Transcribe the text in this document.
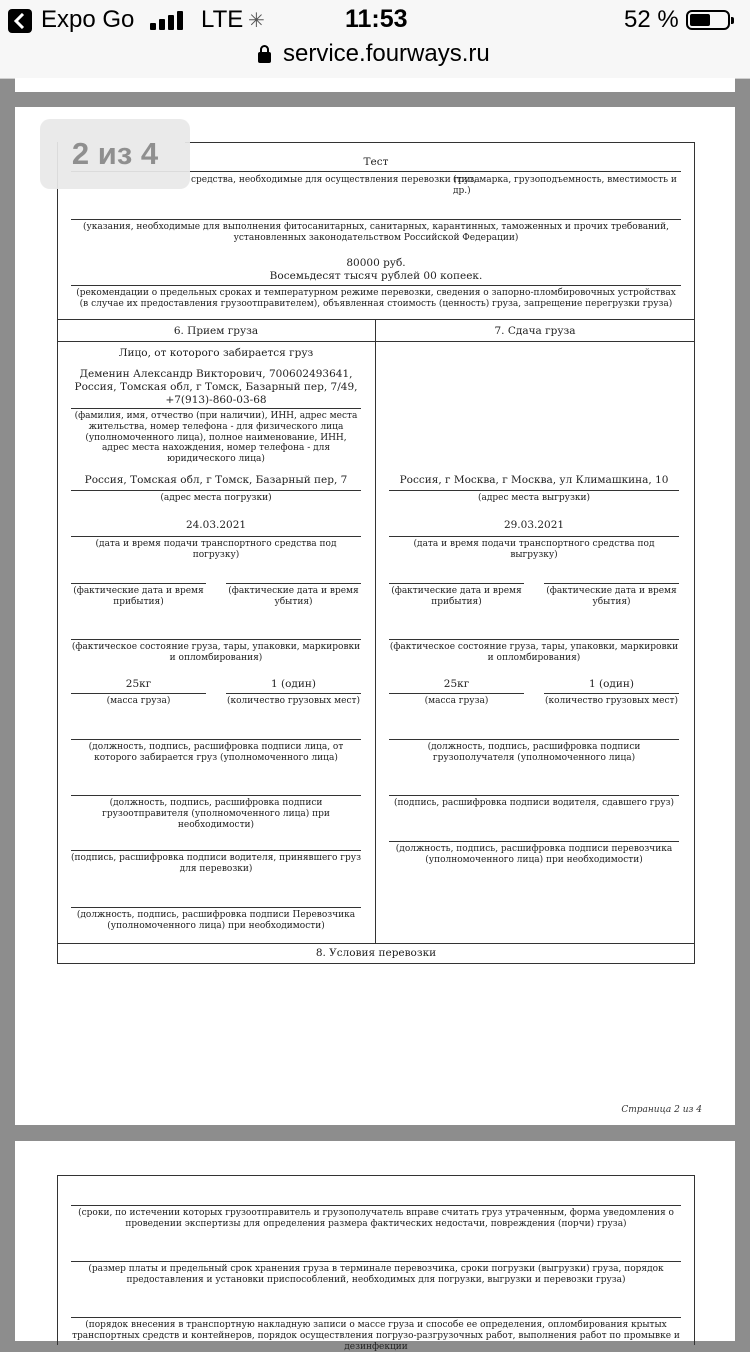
Expo Go	LTE ✳	11:53	52 %
service.fourways.ru
2 из 4	Тест
средства, необходимые для осуществления перевозки груза
(тип, марка, грузоподъемность, вместимость и др.)
(указания, необходимые для выполнения фитосанитарных, санитарных, карантинных, таможенных и прочих требований, установленных законодательством Российской Федерации)
80000 руб.
Восемьдесят тысяч рублей 00 копеек.
(рекомендации о предельных сроках и температурном режиме перевозки, сведения о запорно-пломбировочных устройствах (в случае их предоставления грузоотправителем), объявленная стоимость (ценность) груза, запрещение перегрузки груза)
6. Прием груза	7. Сдача груза
Лицо, от которого забирается груз
Деменин Александр Викторович, 700602493641,
Россия, Томская обл, г Томск, Базарный пер, 7/49,
+7(913)-860-03-68
(фамилия, имя, отчество (при наличии), ИНН, адрес места жительства, номер телефона - для физического лица (уполномоченного лица), полное наименование, ИНН, адрес места нахождения, номер телефона - для юридического лица)
Россия, Томская обл, г Томск, Базарный пер, 7
(адрес места погрузки)
24.03.2021
(дата и время подачи транспортного средства под погрузку)
(фактические дата и время прибытия)
(фактические дата и время убытия)
(фактическое состояние груза, тары, упаковки, маркировки и опломбирования)
25кг	1 (один)
(масса груза)	(количество грузовых мест)
(должность, подпись, расшифровка подписи лица, от которого забирается груз (уполномоченного лица)
(должность, подпись, расшифровка подписи грузоотправителя (уполномоченного лица) при необходимости)
(подпись, расшифровка подписи водителя, принявшего груз для перевозки)
(должность, подпись, расшифровка подписи Перевозчика (уполномоченного лица) при необходимости)
Россия, г Москва, г Москва, ул Климашкина, 10
(адрес места выгрузки)
29.03.2021
(дата и время подачи транспортного средства под выгрузку)
(фактические дата и время прибытия)
(фактические дата и время убытия)
(фактическое состояние груза, тары, упаковки, маркировки и опломбирования)
25кг	1 (один)
(масса груза)	(количество грузовых мест)
(должность, подпись, расшифровка подписи грузополучателя (уполномоченного лица)
(подпись, расшифровка подписи водителя, сдавшего груз)
(должность, подпись, расшифровка подписи перевозчика (уполномоченного лица) при необходимости)
8. Условия перевозки
Страница 2 из 4
(сроки, по истечении которых грузоотправитель и грузополучатель вправе считать груз утраченным, форма уведомления о проведении экспертизы для определения размера фактических недостачи, повреждения (порчи) груза)
(размер платы и предельный срок хранения груза в терминале перевозчика, сроки погрузки (выгрузки) груза, порядок предоставления и установки приспособлений, необходимых для погрузки, выгрузки и перевозки груза)
(порядок внесения в транспортную накладную записи о массе груза и способе ее определения, опломбирования крытых транспортных средств и контейнеров, порядок осуществления погрузо-разгрузочных работ, выполнения работ по промывке и дезинфекции
